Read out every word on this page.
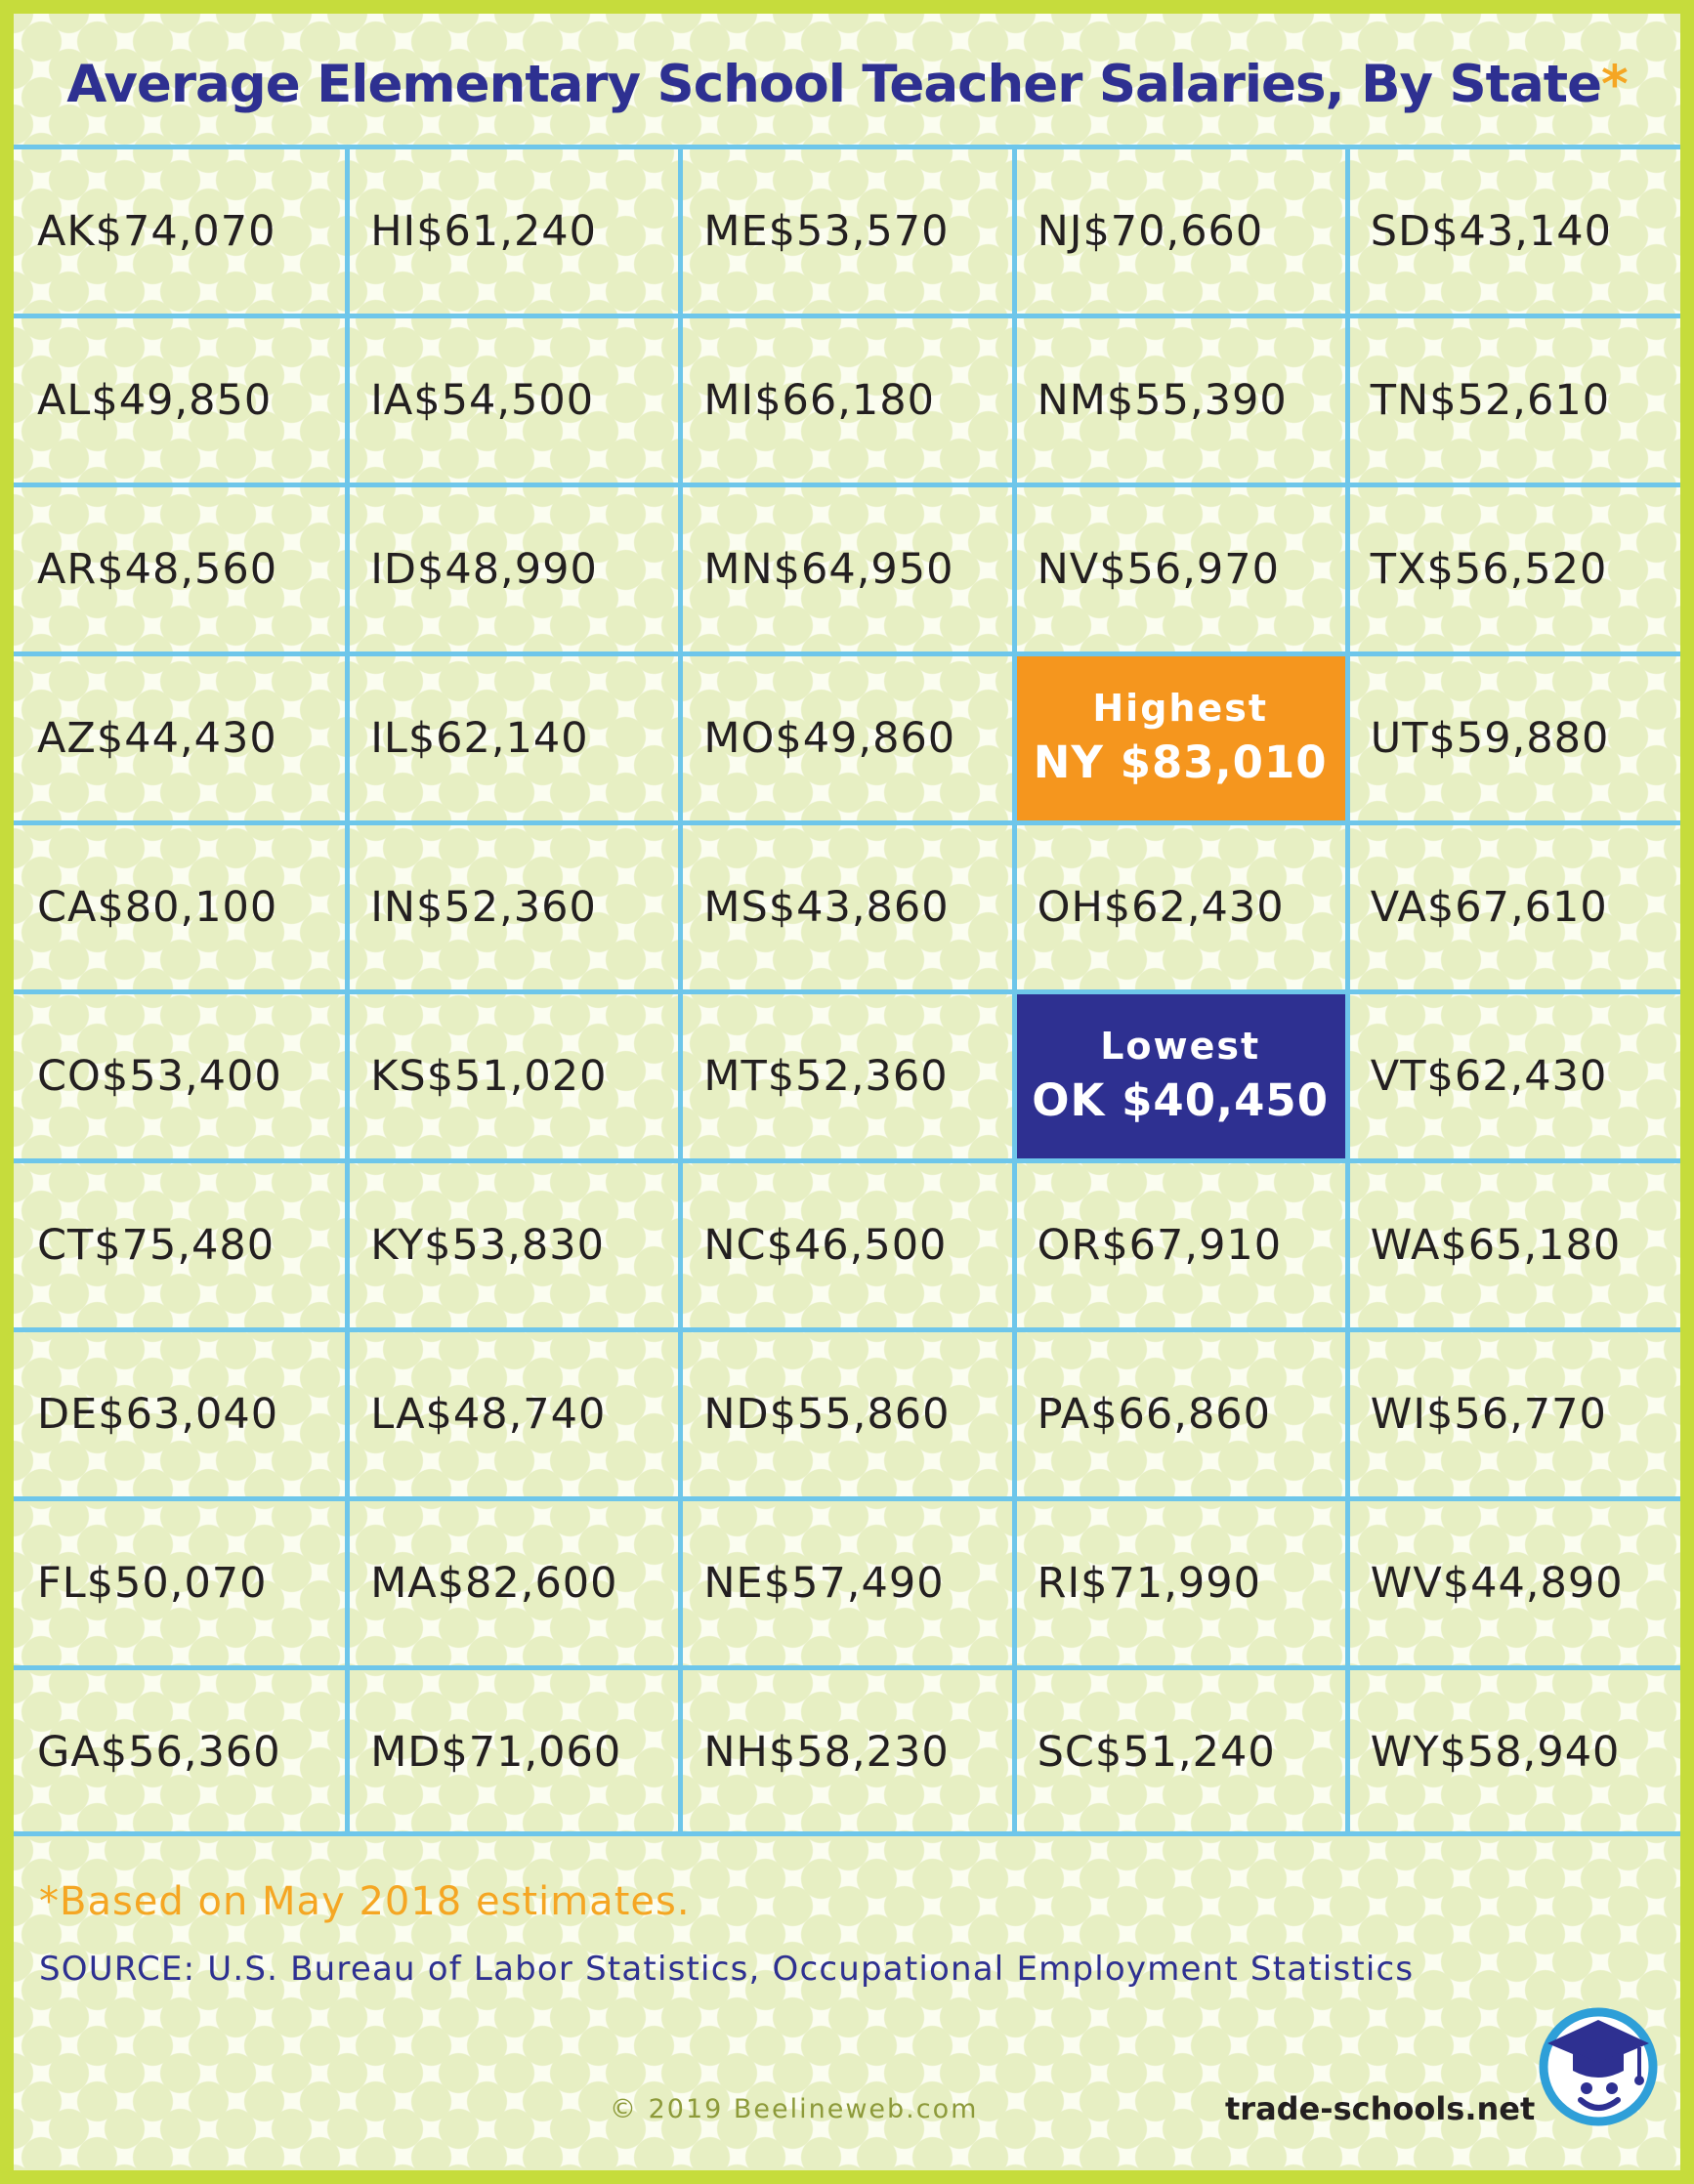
Average Elementary School Teacher Salaries, By State*
AK $74,070
AL $49,850
AR $48,560
AZ $44,430
CA $80,100
CO $53,400
CT $75,480
DE $63,040
FL $50,070
GA $56,360
HI $61,240
IA $54,500
ID $48,990
IL $62,140
IN $52,360
KS $51,020
KY $53,830
LA $48,740
MA $82,600
MD $71,060
ME $53,570
MI $66,180
MN $64,950
MO $49,860
MS $43,860
MT $52,360
NC $46,500
ND $55,860
NE $57,490
NH $58,230
NJ $70,660
NM $55,390
NV $56,970
Highest
NY $83,010
OH $62,430
Lowest
OK $40,450
OR $67,910
PA $66,860
RI $71,990
SC $51,240
SD $43,140
TN $52,610
TX $56,520
UT $59,880
VA $67,610
VT $62,430
WA $65,180
WI $56,770
WV $44,890
WY $58,940
*Based on May 2018 estimates.
SOURCE: U.S. Bureau of Labor Statistics, Occupational Employment Statistics
© 2019 Beelineweb.com	trade-schools.net
